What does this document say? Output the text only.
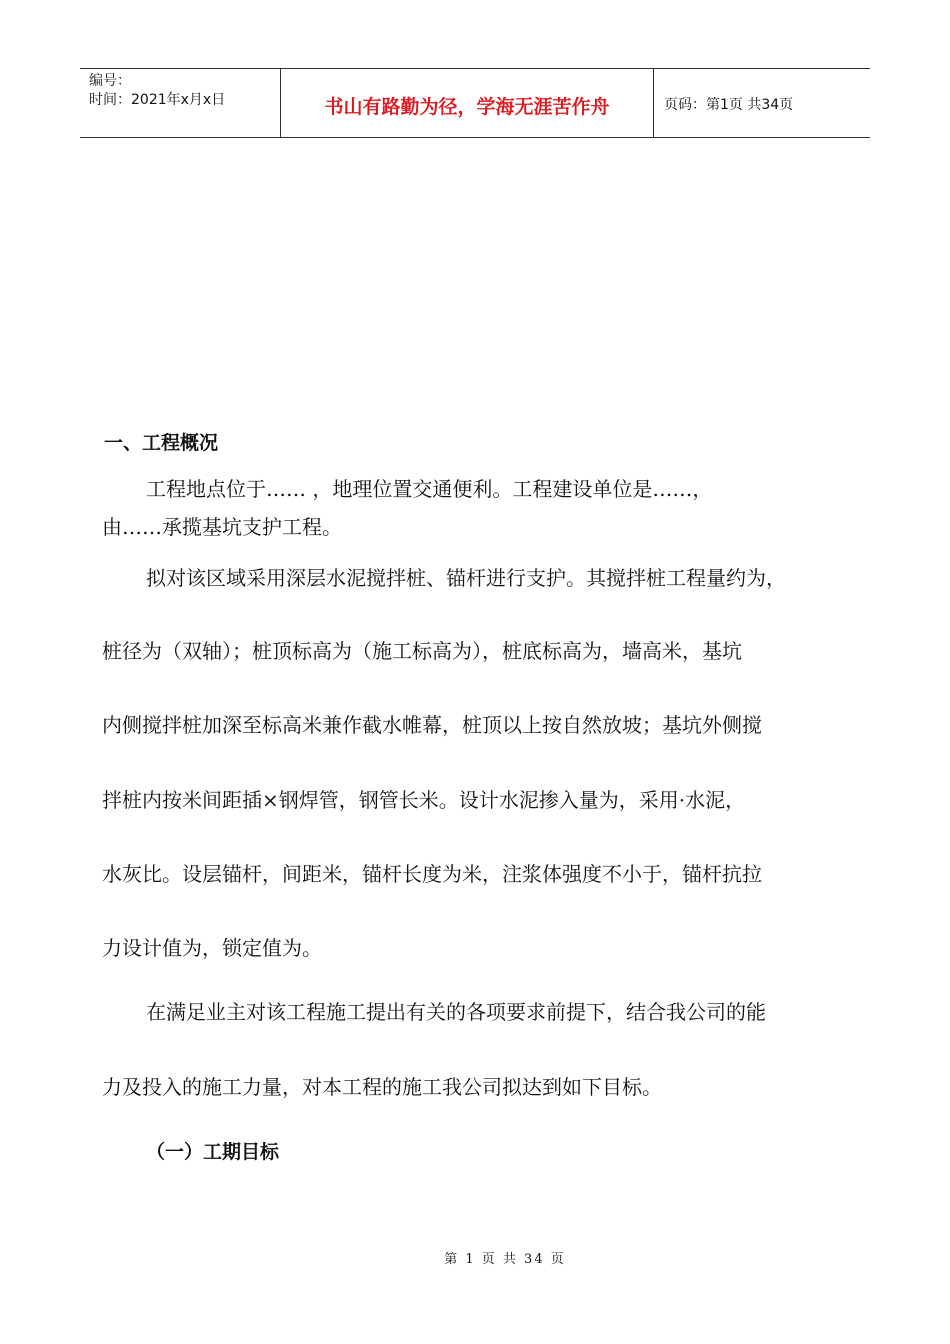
编号：
时间：2021年x月x日	书山有路勤为径，学海无涯苦作舟	页码：第1页 共34页
一、工程概况
工程地点位于…… ，地理位置交通便利。工程建设单位是……，
由……承揽基坑支护工程。
拟对该区域采用深层水泥搅拌桩、锚杆进行支护。其搅拌桩工程量约为，
桩径为（双轴）；桩顶标高为（施工标高为），桩底标高为，墙高米，基坑
内侧搅拌桩加深至标高米兼作截水帷幕，桩顶以上按自然放坡；基坑外侧搅
拌桩内按米间距插×钢焊管，钢管长米。设计水泥掺入量为，采用·水泥，
水灰比。设层锚杆，间距米，锚杆长度为米，注浆体强度不小于，锚杆抗拉
力设计值为，锁定值为。
在满足业主对该工程施工提出有关的各项要求前提下，结合我公司的能
力及投入的施工力量，对本工程的施工我公司拟达到如下目标。
（一）工期目标
第 1 页 共 34 页
